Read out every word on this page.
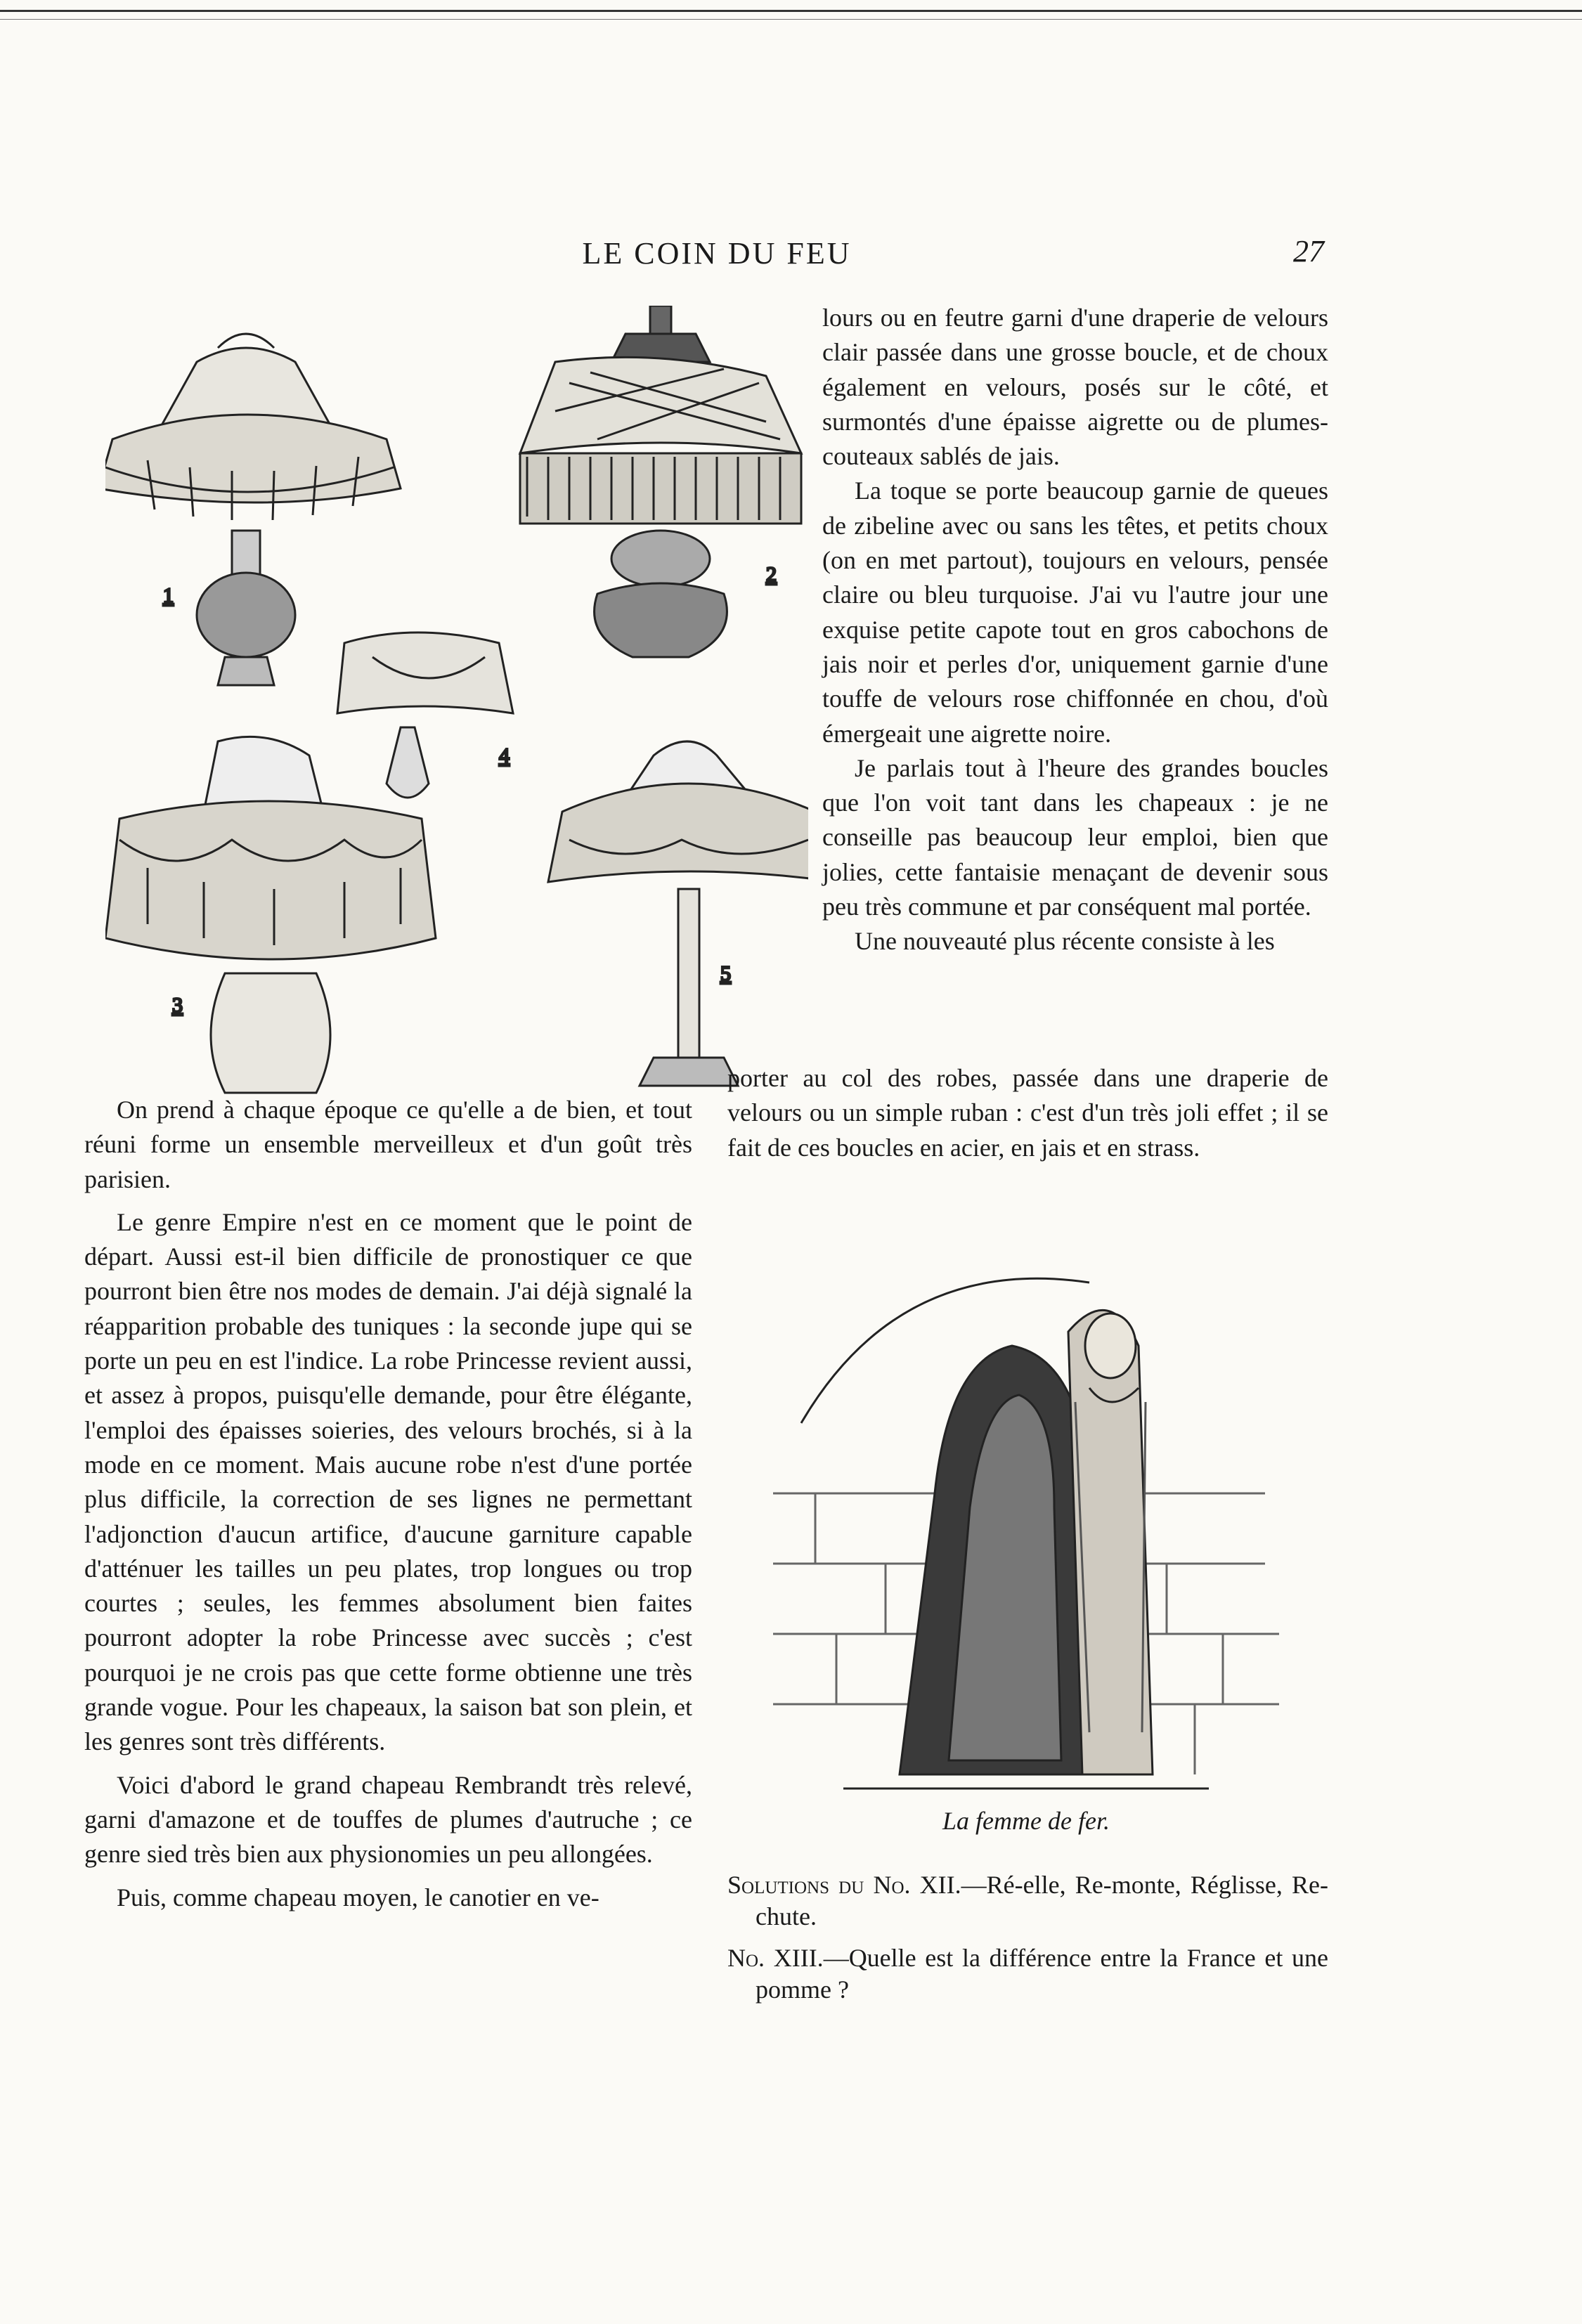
LE COIN DU FEU	27
1
2
4
3
5

lours ou en feutre garni d'une draperie de velours clair passée dans une grosse boucle, et de choux également en velours, posés sur le côté, et surmontés d'une épaisse aigrette ou de plumes-couteaux sablés de jais.

La toque se porte beaucoup garnie de queues de zibeline avec ou sans les têtes, et petits choux (on en met partout), toujours en velours, pensée claire ou bleu turquoise. J'ai vu l'autre jour une exquise petite capote tout en gros cabochons de jais noir et perles d'or, uniquement garnie d'une touffe de velours rose chiffonnée en chou, d'où émergeait une aigrette noire.

Je parlais tout à l'heure des grandes boucles que l'on voit tant dans les chapeaux : je ne conseille pas beaucoup leur emploi, bien que jolies, cette fantaisie menaçant de devenir sous peu très commune et par conséquent mal portée.

Une nouveauté plus récente consiste à les

On prend à chaque époque ce qu'elle a de bien, et tout réuni forme un ensemble merveilleux et d'un goût très parisien.

Le genre Empire n'est en ce moment que le point de départ. Aussi est-il bien difficile de pronostiquer ce que pourront bien être nos modes de demain. J'ai déjà signalé la réapparition probable des tuniques : la seconde jupe qui se porte un peu en est l'indice. La robe Princesse revient aussi, et assez à propos, puisqu'elle demande, pour être élégante, l'emploi des épaisses soieries, des velours brochés, si à la mode en ce moment. Mais aucune robe n'est d'une portée plus difficile, la correction de ses lignes ne permettant l'adjonction d'aucun artifice, d'aucune garniture capable d'atténuer les tailles un peu plates, trop longues ou trop courtes ; seules, les femmes absolument bien faites pourront adopter la robe Princesse avec succès ; c'est pourquoi je ne crois pas que cette forme obtienne une très grande vogue. Pour les chapeaux, la saison bat son plein, et les genres sont très différents.

Voici d'abord le grand chapeau Rembrandt très relevé, garni d'amazone et de touffes de plumes d'autruche ; ce genre sied très bien aux physionomies un peu allongées.

Puis, comme chapeau moyen, le canotier en ve-

porter au col des robes, passée dans une draperie de velours ou un simple ruban : c'est d'un très joli effet ; il se fait de ces boucles en acier, en jais et en strass.

La femme de fer.

Solutions du No. XII.—Ré-elle, Re-monte, Réglisse, Re-chute.

No. XIII.—Quelle est la différence entre la France et une pomme ?
